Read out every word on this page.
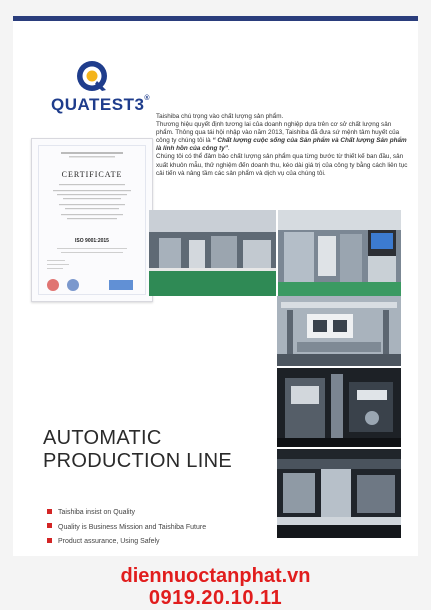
QUATEST3®
CERTIFICATE
ISO 9001:2015

Taishiba chú trọng vào chất lượng sản phẩm.

Thương hiệu quyết định tương lai của doanh nghiệp dựa trên cơ sở chất lượng sản phẩm. Thông qua tái hội nhập vào năm 2013, Taishiba đã đưa sứ mệnh tâm huyết của công ty chúng tôi là “ Chất lượng cuộc sống của Sản phẩm và Chất lượng Sản phẩm là linh hồn của công ty”.

Chúng tôi có thể đảm bảo chất lượng sản phẩm qua từng bước từ thiết kế ban đầu, sản xuất khuôn mẫu, thử nghiệm đến doanh thu, kéo dài giá trị của công ty bằng cách liên tục cải tiến và nâng tầm các sản phẩm và dịch vụ của chúng tôi.

AUTOMATIC
PRODUCTION LINE
Taishiba insist on Quality
Quality is Business Mission and Taishiba Future
Product assurance, Using Safely
diennuoctanphat.vn
0919.20.10.11
